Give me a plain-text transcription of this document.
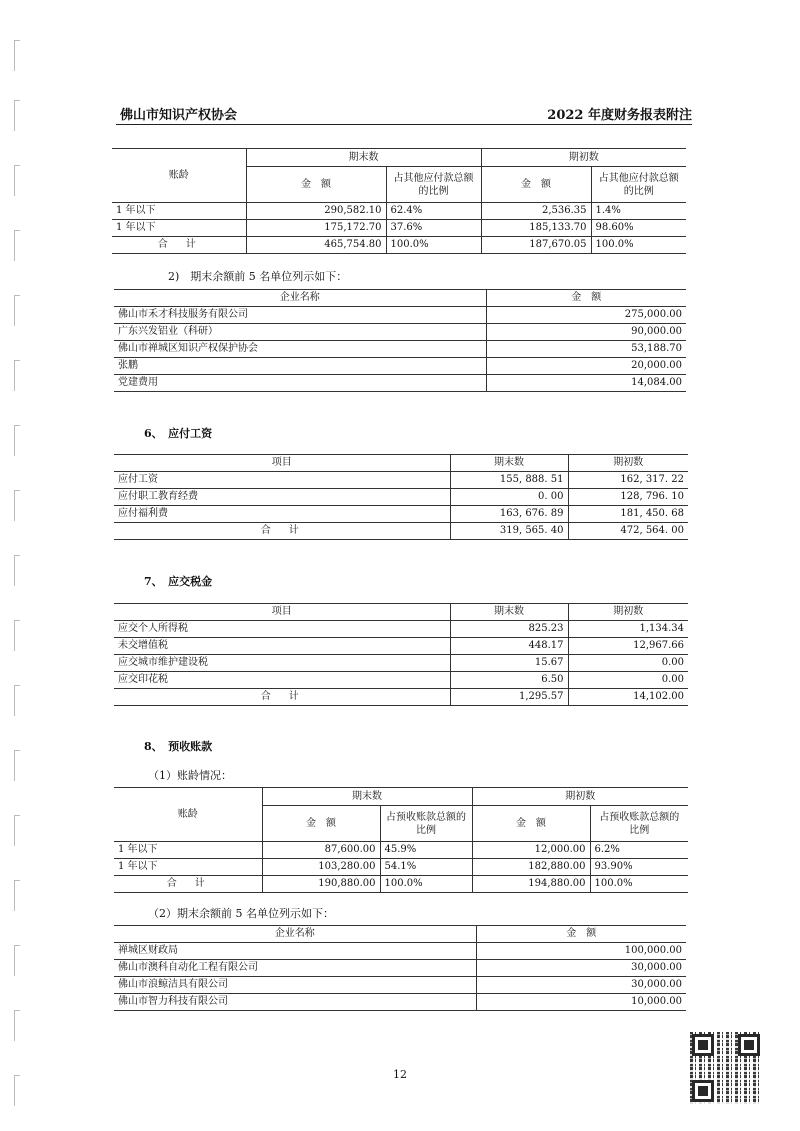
佛山市知识产权协会	2022 年度财务报表附注
账龄	期末数		期初数	
	金　额	占其他应付款总额的比例	金　额	占其他应付款总额的比例
1 年以下	290,582.10	62.4%	2,536.35	1.4%
1 年以下	175,172.70	37.6%	185,133.70	98.60%
合　计	465,754.80	100.0%	187,670.05	100.0%
2)　期末余额前 5 名单位列示如下：
企业名称	金　额
佛山市禾才科技服务有限公司	275,000.00
广东兴发铝业（科研）	90,000.00
佛山市禅城区知识产权保护协会	53,188.70
张鹏	20,000.00
党建费用	14,084.00
6、　应付工资
项目	期末数	期初数
应付工资	155, 888. 51	162, 317. 22
应付职工教育经费	0. 00	128, 796. 10
应付福利费	163, 676. 89	181, 450. 68
合　计	319, 565. 40	472, 564. 00
7、　应交税金
项目	期末数	期初数
应交个人所得税	825.23	1,134.34
未交增值税	448.17	12,967.66
应交城市维护建设税	15.67	0.00
应交印花税	6.50	0.00
合　计	1,295.57	14,102.00
8、　预收账款
（1）账龄情况：
账龄	期末数		期初数	
	金　额	占预收账款总额的比例	金　额	占预收账款总额的比例
1 年以下	87,600.00	45.9%	12,000.00	6.2%
1 年以下	103,280.00	54.1%	182,880.00	93.90%
合　计	190,880.00	100.0%	194,880.00	100.0%
（2）期末余额前 5 名单位列示如下：
企业名称	金　额
禅城区财政局	100,000.00
佛山市澳科自动化工程有限公司	30,000.00
佛山市浪鲸洁具有限公司	30,000.00
佛山市智力科技有限公司	10,000.00
12
